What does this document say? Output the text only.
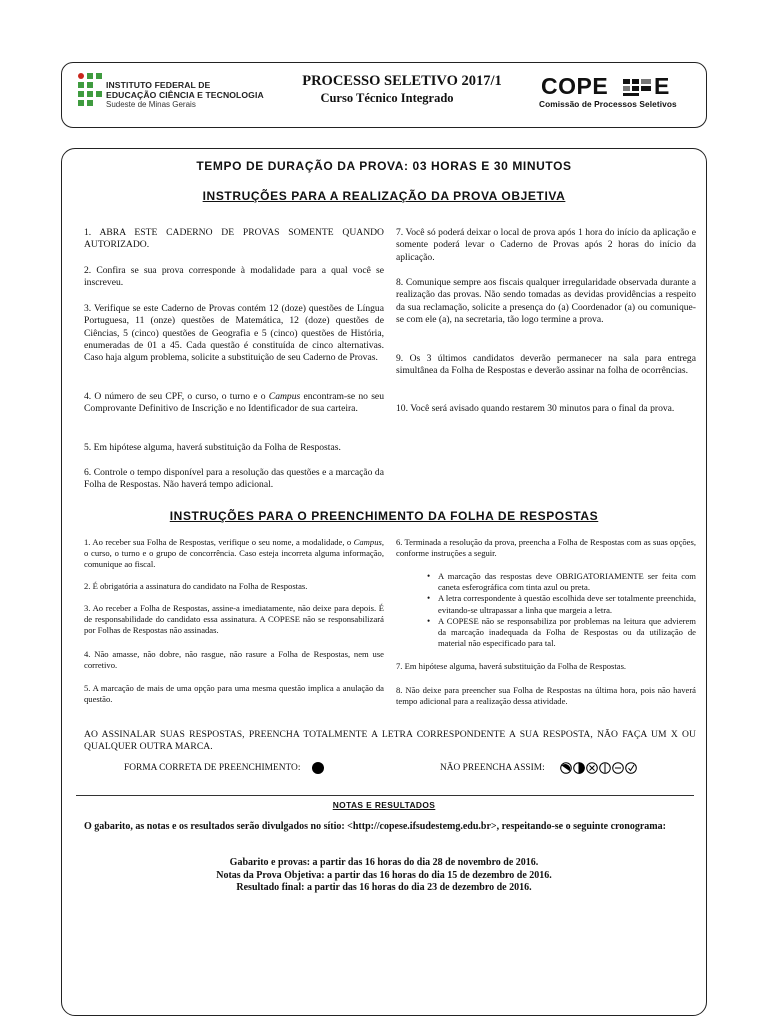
INSTITUTO FEDERAL DE
EDUCAÇÃO CIÊNCIA E TECNOLOGIA
Sudeste de Minas Gerais
PROCESSO SELETIVO 2017/1
Curso Técnico Integrado	COPE E
Comissão de Processos Seletivos
TEMPO DE DURAÇÃO DA PROVA: 03 HORAS E 30 MINUTOS
INSTRUÇÕES PARA A REALIZAÇÃO DA PROVA OBJETIVA
1. ABRA ESTE CADERNO DE PROVAS SOMENTE QUANDO AUTORIZADO.
2. Confira se sua prova corresponde à modalidade para a qual você se inscreveu.
3. Verifique se este Caderno de Provas contém 12 (doze) questões de Língua Portuguesa, 11 (onze) questões de Matemática, 12 (doze) questões de Ciências, 5 (cinco) questões de Geografia e 5 (cinco) questões de História, enumeradas de 01 a 45. Cada questão é constituída de cinco alternativas. Caso haja algum problema, solicite a substituição de seu Caderno de Provas.
4. O número de seu CPF, o curso, o turno e o Campus encontram-se no seu Comprovante Definitivo de Inscrição e no Identificador de sua carteira.
5. Em hipótese alguma, haverá substituição da Folha de Respostas.
6. Controle o tempo disponível para a resolução das questões e a marcação da Folha de Respostas. Não haverá tempo adicional.
7. Você só poderá deixar o local de prova após 1 hora do início da aplicação e somente poderá levar o Caderno de Provas após 2 horas do início da aplicação.
8. Comunique sempre aos fiscais qualquer irregularidade observada durante a realização das provas. Não sendo tomadas as devidas providências a respeito da sua reclamação, solicite a presença do (a) Coordenador (a) ou comunique-se com ele (a), na secretaria, tão logo termine a prova.
9. Os 3 últimos candidatos deverão permanecer na sala para entrega simultânea da Folha de Respostas e deverão assinar na folha de ocorrências.
10. Você será avisado quando restarem 30 minutos para o final da prova.
INSTRUÇÕES PARA O PREENCHIMENTO DA FOLHA DE RESPOSTAS
1. Ao receber sua Folha de Respostas, verifique o seu nome, a modalidade, o Campus, o curso, o turno e o grupo de concorrência. Caso esteja incorreta alguma informação, comunique ao fiscal.
2. É obrigatória a assinatura do candidato na Folha de Respostas.
3. Ao receber a Folha de Respostas, assine-a imediatamente, não deixe para depois. É de responsabilidade do candidato essa assinatura. A COPESE não se responsabilizará por Folhas de Respostas não assinadas.
4. Não amasse, não dobre, não rasgue, não rasure a Folha de Respostas, nem use corretivo.
5. A marcação de mais de uma opção para uma mesma questão implica a anulação da questão.
6. Terminada a resolução da prova, preencha a Folha de Respostas com as suas opções, conforme instruções a seguir.
• A marcação das respostas deve OBRIGATORIAMENTE ser feita com caneta esferográfica com tinta azul ou preta.
• A letra correspondente à questão escolhida deve ser totalmente preenchida, evitando-se ultrapassar a linha que margeia a letra.
• A COPESE não se responsabiliza por problemas na leitura que advierem da marcação inadequada da Folha de Respostas ou da utilização de material não especificado para tal.
7. Em hipótese alguma, haverá substituição da Folha de Respostas.
8. Não deixe para preencher sua Folha de Respostas na última hora, pois não haverá tempo adicional para a realização dessa atividade.
AO ASSINALAR SUAS RESPOSTAS, PREENCHA TOTALMENTE A LETRA CORRESPONDENTE A SUA RESPOSTA, NÃO FAÇA UM X OU QUALQUER OUTRA MARCA.
FORMA CORRETA DE PREENCHIMENTO:	NÃO PREENCHA ASSIM:
NOTAS E RESULTADOS
O gabarito, as notas e os resultados serão divulgados no sítio: <http://copese.ifsudestemg.edu.br>, respeitando-se o seguinte cronograma:
Gabarito e provas: a partir das 16 horas do dia 28 de novembro de 2016.
Notas da Prova Objetiva: a partir das 16 horas do dia 15 de dezembro de 2016.
Resultado final: a partir das 16 horas do dia 23 de dezembro de 2016.
